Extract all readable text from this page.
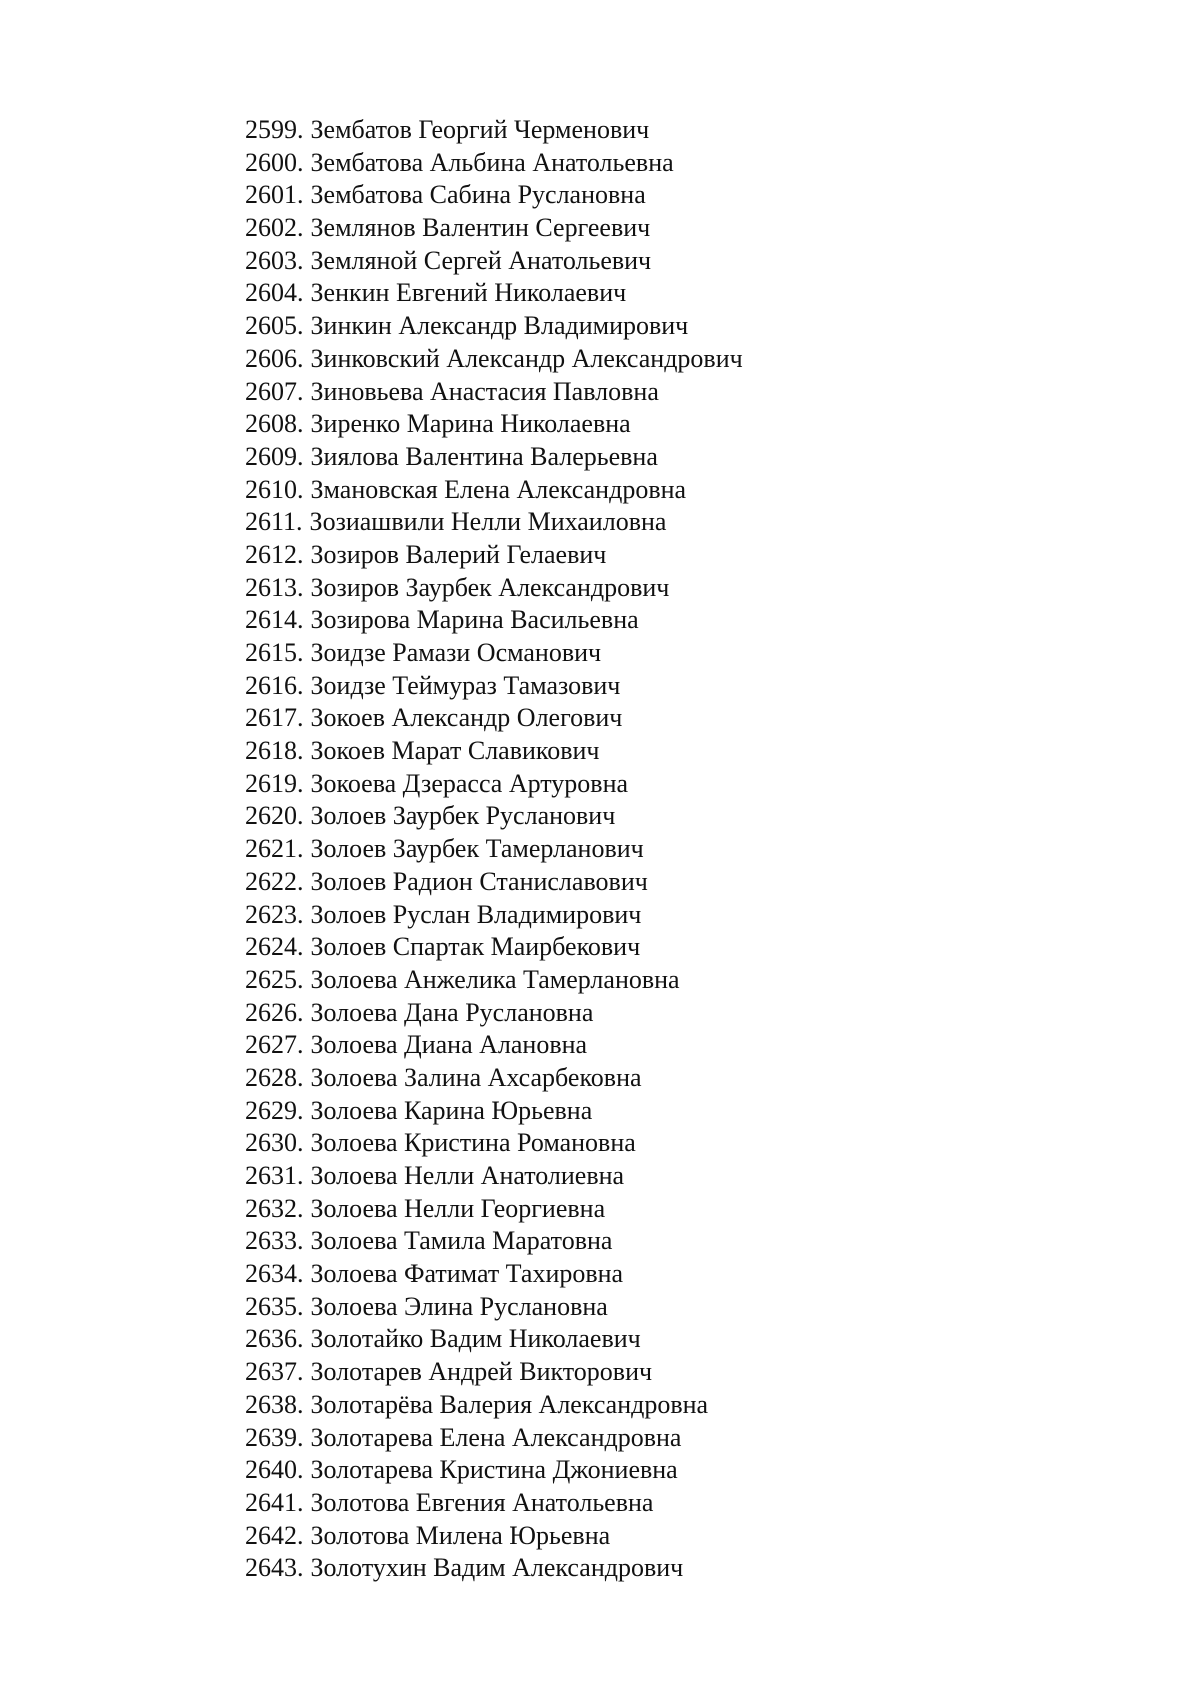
2599. Зембатов Георгий Черменович
2600. Зембатова Альбина Анатольевна
2601. Зембатова Сабина Руслановна
2602. Землянов Валентин Сергеевич
2603. Земляной Сергей Анатольевич
2604. Зенкин Евгений Николаевич
2605. Зинкин Александр Владимирович
2606. Зинковский Александр Александрович
2607. Зиновьева Анастасия Павловна
2608. Зиренко Марина Николаевна
2609. Зиялова Валентина Валерьевна
2610. Змановская Елена Александровна
2611. Зозиашвили Нелли Михаиловна
2612. Зозиров Валерий Гелаевич
2613. Зозиров Заурбек Александрович
2614. Зозирова Марина Васильевна
2615. Зоидзе Рамази Османович
2616. Зоидзе Теймураз Тамазович
2617. Зокоев Александр Олегович
2618. Зокоев Марат Славикович
2619. Зокоева Дзерасса Артуровна
2620. Золоев Заурбек Русланович
2621. Золоев Заурбек Тамерланович
2622. Золоев Радион Станиславович
2623. Золоев Руслан Владимирович
2624. Золоев Спартак Маирбекович
2625. Золоева Анжелика Тамерлановна
2626. Золоева Дана Руслановна
2627. Золоева Диана Алановна
2628. Золоева Залина Ахсарбековна
2629. Золоева Карина Юрьевна
2630. Золоева Кристина Романовна
2631. Золоева Нелли Анатолиевна
2632. Золоева Нелли Георгиевна
2633. Золоева Тамила Маратовна
2634. Золоева Фатимат Тахировна
2635. Золоева Элина Руслановна
2636. Золотайко Вадим Николаевич
2637. Золотарев Андрей Викторович
2638. Золотарёва Валерия Александровна
2639. Золотарева Елена Александровна
2640. Золотарева Кристина Джониевна
2641. Золотова Евгения Анатольевна
2642. Золотова Милена Юрьевна
2643. Золотухин Вадим Александрович
